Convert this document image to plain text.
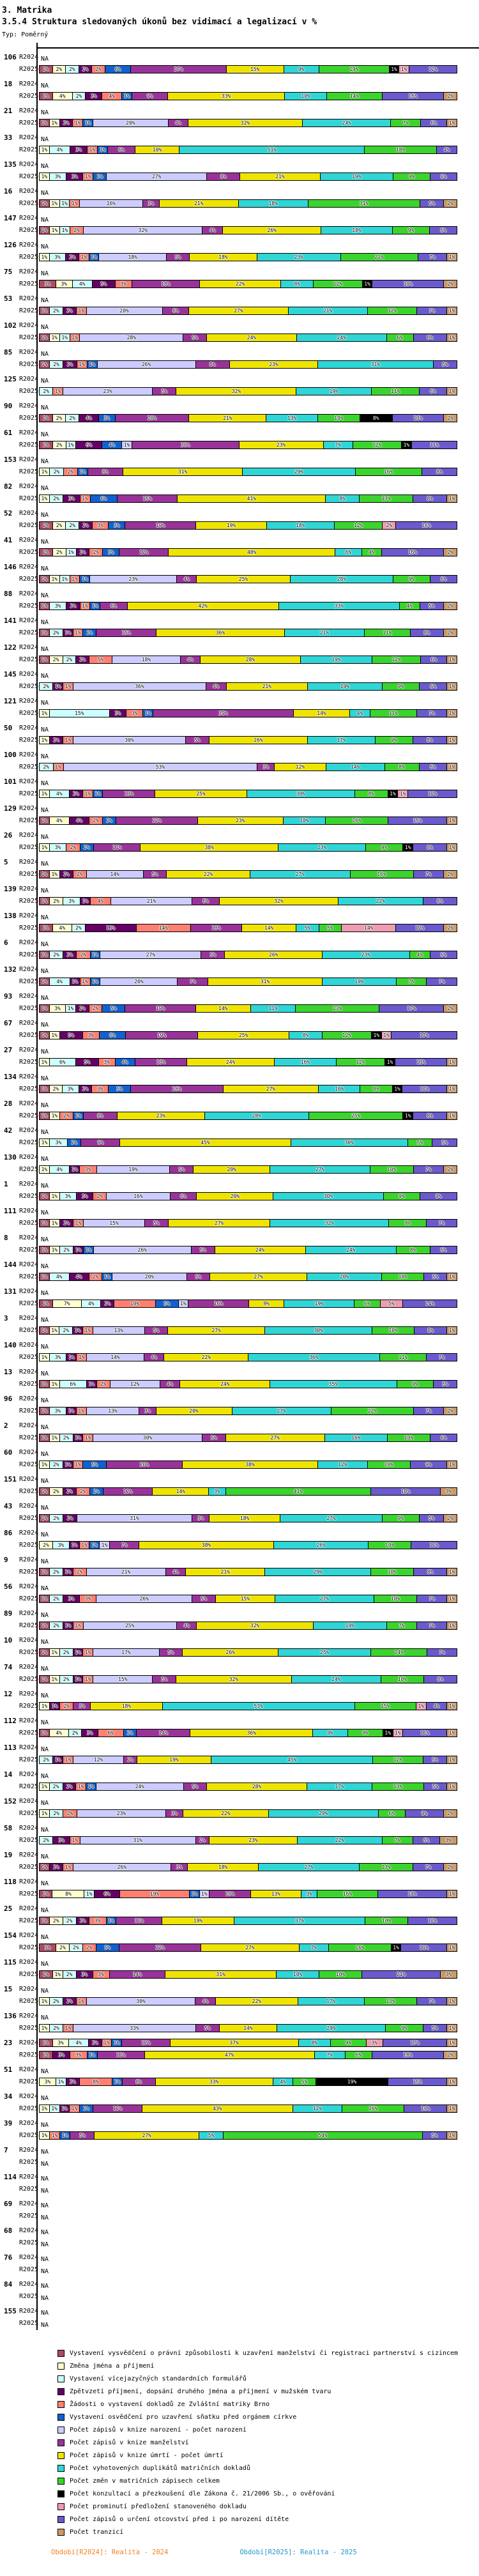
3. Matrika
3.5.4 Struktura sledovaných úkonů bez vidimací a legalizací v %
Typ: Poměrný
106 R2024 NA
R2025 2% 2% 2% 2% 2%	6%	27%	15%	9%	19%	1% 1%	12%
18	R2024 NA
R2025 2% 4% 2% 3% 4% 1%	9%	33%	10%	14%	16%	2%
21	R2024 NA
R2025 1% 1% 2% 1% 1%	20%	4%	32%	24%	7%	6% 1%
33	R2024 NA
R2025 1% 4% 3% 1% 1% 6%	10%	51%	18%	4%
135 R2024 NA
R2025 1% 3% 3% 1% 2%	27%	8%	21%	19%	9%	6%
16	R2024 NA
R2025 1% 1% 1% 1%	16%	3%	21%	18%	31%	5% 2%
147 R2024 NA
R2025 1% 1% 1% 2%	32%	4%	26%	18%	9%	6%
126 R2024 NA
R2025 1% 3% 2% 1% 1%	18%	5%	18%	23%	21%	7%	1%
75	R2024 NA
R2025 3% 3% 4%	5%	3%	18%	22%	8%	12%	1%	19%	2%
53	R2024 NA
R2025 1% 2% 2% 1%	20%	6%	27%	21%	12%	7%	1%
102 R2024 NA
R2025 1% 1% 1% 1%	28%	5%	24%	24%	6%	8%	1%
85	R2024 NA
R2025 1% 2% 2% 1% 1%	26%	8%	23%	31%	5%
125 R2024 NA
R2025 2% 1%	23%	5%	32%	19%	11%	6% 1%
90	R2024 NA
R2025 2% 2% 2% 4% 3%	20%	21%	13%	10%	8%	13%	2%
61	R2024 NA
R2025 2% 2% 1% 6%	4% 1%	30%	23%	7%	12%	1%	11%
153 R2024 NA
R2025 1% 2% 2% 1%	8%	31%	29%	16%	8%
82	R2024 NA
R2025 1% 2% 3% 1% 6%	15%	41%	8%	13%	8%	1%
52	R2024 NA
R2025 2% 2% 2% 2% 3% 3%	19%	19%	18%	12%	2%	16%
41	R2024 NA
R2025 2% 2% 1% 2% 2% 3%	12%	48%	6%	4%	16%	2%
146 R2024 NA
R2025 1% 1% 1% 1% 1%	23%	4%	25%	28%	9%	6%
88	R2024 NA
R2025 1% 3% 2% 1% 1% 6%	42%	33%	4%	5% 2%
141 R2024 NA
R2025 1% 2% 1% 1% 2%	15%	36%	21%	11%	8%	2%
122 R2024 NA
R2025 1% 2% 2% 2% 5%	18%	4%	28%	19%	12%	6% 1%
145 R2024 NA
R2025 2% 1% 1%	36%	4%	21%	19%	9%	6% 1%
121 R2024 NA
R2025 1%	15%	3% 3% 1%	39%	14%	4%	11%	7%	1%
50	R2024 NA
R2025 1% 2% 1%	30%	5%	26%	17%	9%	8%	1%
100 R2024 NA
R2025 2% 1%	53%	3%	12%	14%	8%	6%	1%
101 R2024 NA
R2025 1% 4% 2% 1% 1%	13%	25%	30%	8%	1% 1%	12%
129 R2024 NA
R2025 1% 4%	4% 2% 2%	22%	23%	10%	16%	15%	1%
26	R2024 NA
R2025 1% 3% 2% 2%	11%	38%	23%	9%	1%	8%	1%
5	R2024 NA
R2025 1% 1% 2% 2%	14%	5%	22%	27%	16%	7%	2%
139 R2024 NA
R2025 1% 2% 3% 1% 4%	21%	6%	32%	22%	8%
138 R2024 NA
R2025 2% 4% 2%	13%	14%	13%	14%	5%	5%	14%	12%	2%
6	R2024 NA
R2025 1% 2% 2% 2% 1%	27%	5%	26%	23%	4%	6%
132 R2024 NA
R2025 1% 4% 1% 1% 1%	20%	7%	31%	19%	7%	7%
93	R2024 NA
R2025 1% 3% 1% 2% 2% 5%	19%	14%	11%	23%	17%	2%
67	R2024 NA
R2025 1% 1% 5%	3%	6%	19%	25%	8%	12%	1% 1%	17%
27	R2024 NA
R2025 1% 6%	5%	3% 4%	13%	24%	16%	12%	1%	13%	1%
134 R2024 NA
R2025 1% 2% 3% 2% 3%	5%	26%	27%	10%	8%	1%	11%	1%
28	R2024 NA
R2025 1% 1% 2% 1%	8%	23%	28%	25%	1%	8%	1%
42	R2024 NA
R2025 1% 3% 2%	9%	45%	30%	5%	5%
130 R2024 NA
R2025 1% 4% 1% 3%	19%	5%	20%	27%	10%	7%	2%
1	R2024 NA
R2025 1% 1% 3% 3% 2%	16%	6%	20%	30%	9%	9%
111 R2024 NA
R2025 1% 1% 2% 1%	15%	5%	27%	32%	9%	7%
8	R2024 NA
R2025 1% 1% 2% 1% 1%	26%	5%	24%	24%	8%	6%
144 R2024 NA
R2025 1% 4%	4% 2% 1%	20%	5%	27%	20%	10%	5% 1%
131 R2024 NA
R2025 2%	7%	4% 2%	10%	5% 1%	16%	9%	19%	6%	5%	14%
3	R2024 NA
R2025 1% 1% 2% 1% 1%	13%	5%	27%	30%	10%	8%	1%
140 R2024 NA
R2025 1% 3% 1% 1%	14%	4%	22%	36%	11%	7%
13	R2024 NA
R2025 1% 1% 6% 1% 2%	12%	4%	24%	35%	9%	5%
96	R2024 NA
R2025 1% 3% 1% 1%	13%	3%	20%	27%	22%	7%	2%
2	R2024 NA
R2025 1% 1% 2% 1% 1%	30%	5%	27%	16%	10%	6%
60	R2024 NA
R2025 1% 2% 1% 1% 5%	20%	38%	12%	10%	9%	1%
151 R2024 NA
R2025 1% 2% 2% 2% 2%	12%	14%	3%	41%	18%	3%
43	R2024 NA
R2025 1% 2% 2%	31%	3%	18%	27%	9%	5% 2%
86	R2024 NA
R2025 2% 3% 1% 1% 1% 1%	7%	38%	26%	10%	11%
9	R2024 NA
R2025 1% 2% 1% 2%	21%	4%	21%	29%	10%	8%	1%
56	R2024 NA
R2025 1% 2% 3% 3%	26%	5%	15%	27%	10%	7%	1%
89	R2024 NA
R2025 1% 2% 1% 1%	25%	4%	32%	19%	7%	7%	1%
10	R2024 NA
R2025 1% 1% 2% 1% 1%	17%	5%	26%	25%	14%	7%
74	R2024 NA
R2025 1% 1% 2% 1% 1%	15%	5%	32%	24%	10%	8%
12	R2024 NA
R2025 1% 1% 2% 3%	18%	53%	15%	1% 4% 1%
112 R2024 NA
R2025 1% 4% 2% 3%	6%	2%	14%	36%	9%	9%	1% 1%	11%	1%
113 R2024 NA
R2025 2% 1% 1%	12%	2%	19%	45%	12%	5% 1%
14	R2024 NA
R2025 1% 2% 2% 1% 1%	24%	5%	28%	17%	13%	5% 1%
152 R2024 NA
R2025 1% 2% 2%	23%	3%	22%	29%	6%	9%	2%
58	R2024 NA
R2025 2% 3% 1%	31%	2%	23%	22%	7%	6%	3%
19	R2024 NA
R2025 1% 2% 1%	26%	3%	18%	27%	13%	7%	2%
118 R2024 NA
R2025 2%	8%	1% 6%	19%	1% 1%	10%	13%	3%	16%	19%	1%
25	R2024 NA
R2025 1% 2% 2% 2% 3% 1%	11%	19%	37%	10%	12%
154 R2024 NA
R2025 3% 2% 2% 2% 5%	22%	27%	7%	16%	1%	11%	1%
115 R2024 NA
R2025 2% 1% 2% 3% 3%	14%	31%	10%	10%	21%	3%
15	R2024 NA
R2025 1% 2% 2% 1%	30%	4%	22%	17%	13%	7%	1%
136 R2024 NA
R2025 1% 2% 1%	33%	5%	14%	29%	9%	5% 1%
23	R2024 2% 3% 4% 2% 1% 1%	12%	37%	8%	9%	3%	17%	1%
R2025 2% 3% 3% 1%	11%	47%	7%	6%	18%	2%
51	R2024 NA
R2025 3% 1% 2%	8%	1%	8%	33%	4%	5%	19%	15%	1%
34	R2024 NA
R2025 1% 1% 1% 1% 2%	12%	43%	12%	16%	10%	1%
39	R2024 NA
R2025 1% 1% 1% 5%	27%	5%	54%	5% 1%
7	R2024 NA
R2025 NA
114 R2024 NA
R2025 NA
69	R2024 NA
R2025 NA
68	R2024 NA
R2025 NA
76	R2024 NA
R2025 NA
84	R2024 NA
R2025 NA
155 R2024 NA
R2025 NA
Vystavení vysvědčení o právní způsobilosti k uzavření manželství či registraci partnerství s cizincem
Změna jména a příjmení
Vystavení vícejazyčných standardních formulářů
Zpětvzetí příjmení, dopsání druhého jména a příjmení v mužském tvaru
Žádosti o vystavení dokladů ze Zvláštní matriky Brno
Vystavení osvědčení pro uzavření sňatku před orgánem církve
Počet zápisů v knize narození - počet narození
Počet zápisů v knize manželství
Počet zápisů v knize úmrtí - počet úmrtí
Počet vyhotovených duplikátů matričních dokladů
Počet změn v matričních zápisech celkem
Počet konzultací a přezkoušení dle Zákona č. 21/2006 Sb., o ověřování
Počet prominutí předložení stanoveného dokladu
Počet zápisů o určení otcovství před i po narození dítěte
Počet tranzicí
Období[R2024]: Realita - 2024	Období[R2025]: Realita - 2025
